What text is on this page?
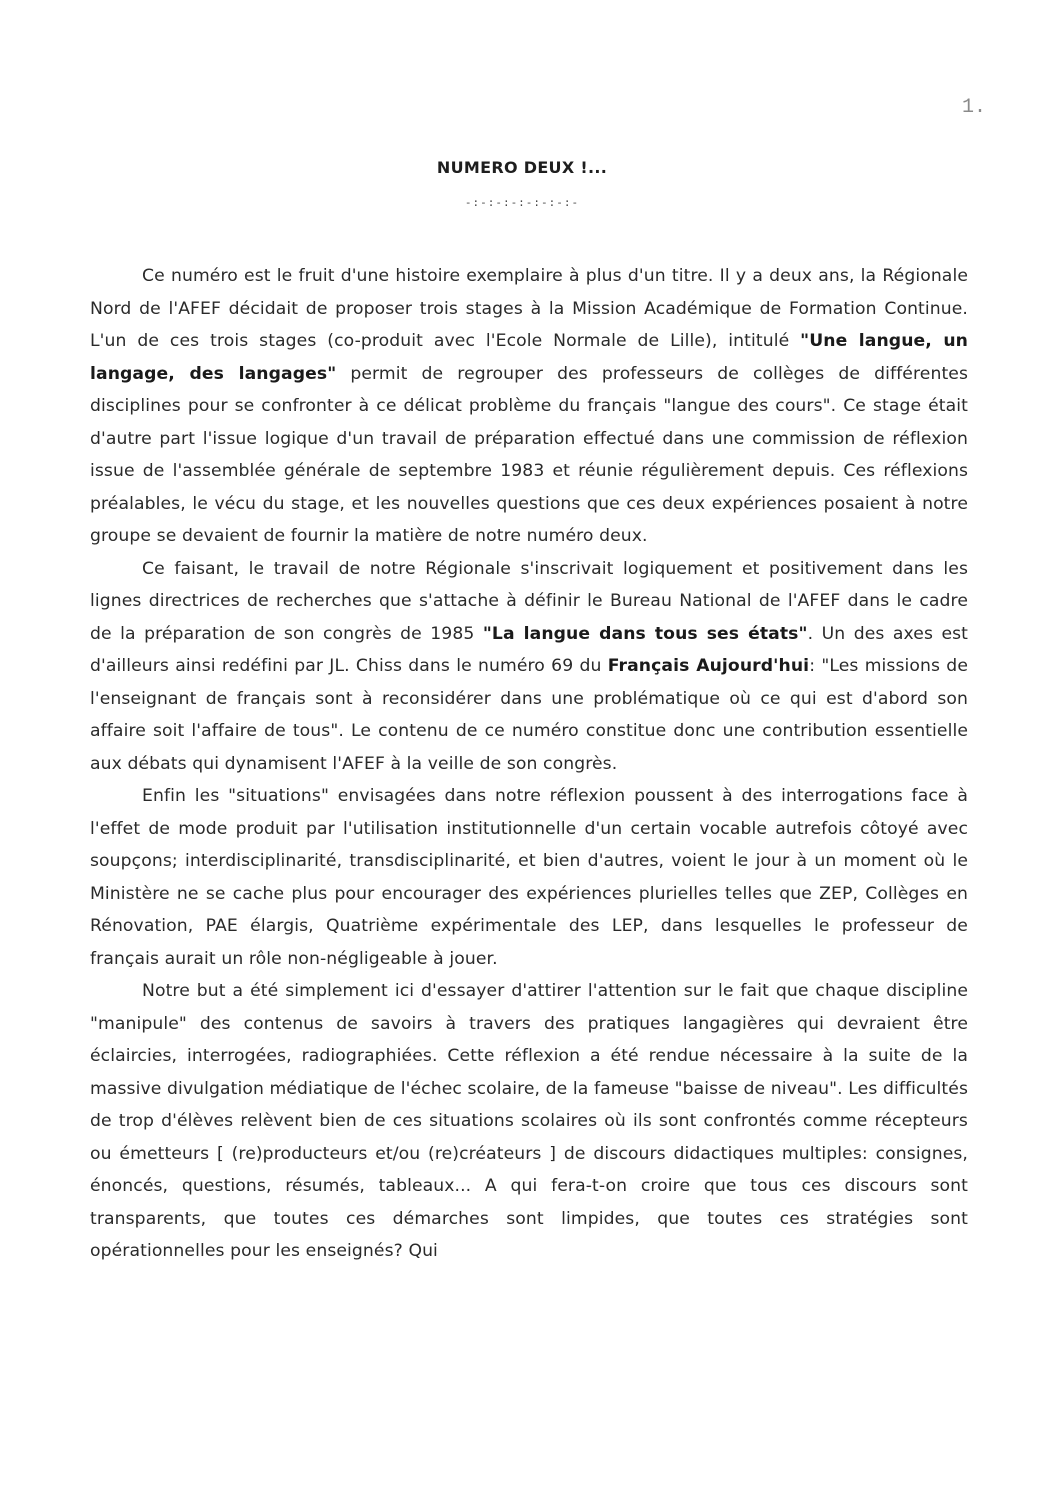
1.
NUMERO DEUX !...
-:-:-:-:-:-:-:-

Ce numéro est le fruit d'une histoire exemplaire à plus d'un titre. Il y a deux ans, la Régionale Nord de l'AFEF décidait de proposer trois stages à la Mission Académique de Formation Continue. L'un de ces trois stages (co-produit avec l'Ecole Normale de Lille), intitulé "Une langue, un langage, des langages" permit de regrouper des professeurs de collèges de différentes disciplines pour se confronter à ce délicat problème du français "langue des cours". Ce stage était d'autre part l'issue logique d'un travail de préparation effectué dans une commission de réflexion issue de l'assemblée générale de septembre 1983 et réunie régulièrement depuis. Ces réflexions préalables, le vécu du stage, et les nouvelles questions que ces deux expériences posaient à notre groupe se devaient de fournir la matière de notre numéro deux.

Ce faisant, le travail de notre Régionale s'inscrivait logiquement et positivement dans les lignes directrices de recherches que s'attache à définir le Bureau National de l'AFEF dans le cadre de la préparation de son congrès de 1985 "La langue dans tous ses états". Un des axes est d'ailleurs ainsi redéfini par JL. Chiss dans le numéro 69 du Français Aujourd'hui: "Les missions de l'enseignant de français sont à reconsidérer dans une problématique où ce qui est d'abord son affaire soit l'affaire de tous". Le contenu de ce numéro constitue donc une contribution essentielle aux débats qui dynamisent l'AFEF à la veille de son congrès.

Enfin les "situations" envisagées dans notre réflexion poussent à des interrogations face à l'effet de mode produit par l'utilisation institutionnelle d'un certain vocable autrefois côtoyé avec soupçons; interdisciplinarité, transdisciplinarité, et bien d'autres, voient le jour à un moment où le Ministère ne se cache plus pour encourager des expériences plurielles telles que ZEP, Collèges en Rénovation, PAE élargis, Quatrième expérimentale des LEP, dans lesquelles le professeur de français aurait un rôle non-négligeable à jouer.

Notre but a été simplement ici d'essayer d'attirer l'attention sur le fait que chaque discipline "manipule" des contenus de savoirs à travers des pratiques langagières qui devraient être éclaircies, interrogées, radiographiées. Cette réflexion a été rendue nécessaire à la suite de la massive divulgation médiatique de l'échec scolaire, de la fameuse "baisse de niveau". Les difficultés de trop d'élèves relèvent bien de ces situations scolaires où ils sont confrontés comme récepteurs ou émetteurs [ (re)producteurs et/ou (re)créateurs ] de discours didactiques multiples: consignes, énoncés, questions, résumés, tableaux... A qui fera-t-on croire que tous ces discours sont transparents, que toutes ces démarches sont limpides, que toutes ces stratégies sont opérationnelles pour les enseignés? Qui
